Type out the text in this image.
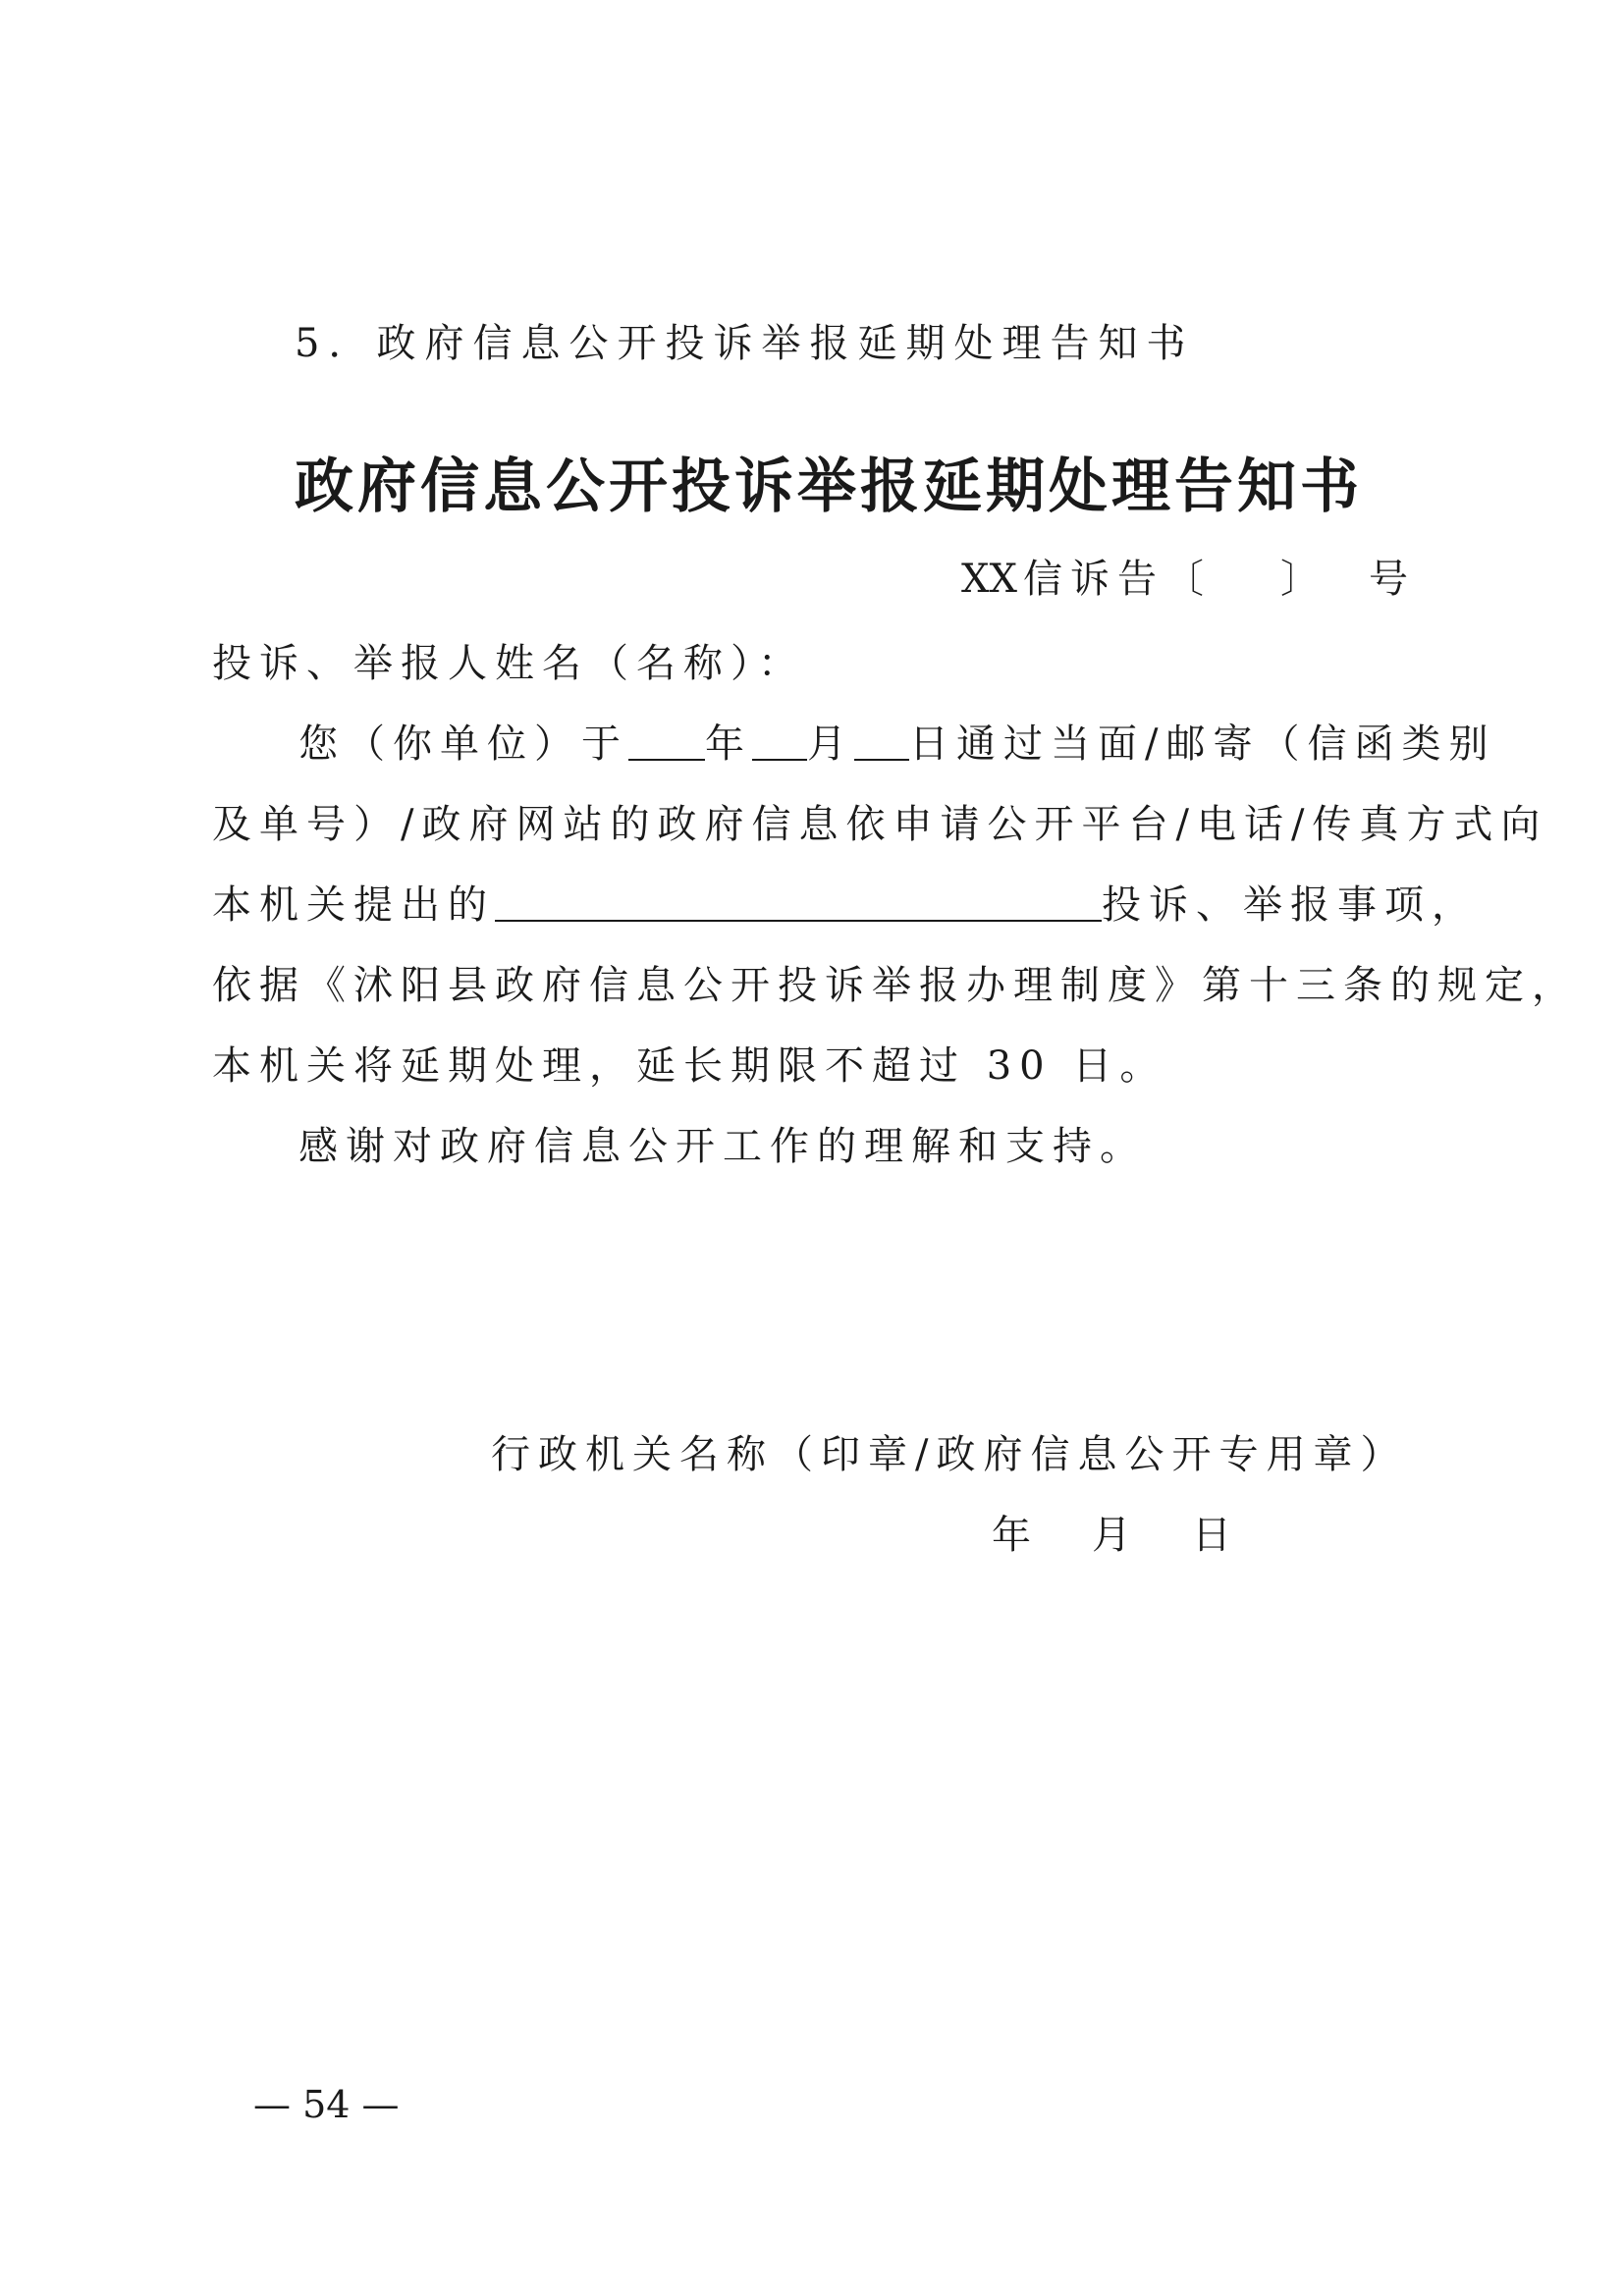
5．政府信息公开投诉举报延期处理告知书
政府信息公开投诉举报延期处理告知书
XX 信诉告〔 〕 号
投诉、举报人姓名（名称）：
您（你单位）于 年 月 日通过当面/邮寄（信函类别
及单号）/政府网站的政府信息依申请公开平台/电话/传真方式向
本机关提出的	投诉、举报事项，
依据《沭阳县政府信息公开投诉举报办理制度》第十三条的规定，
本机关将延期处理，延长期限不超过 30 日。
感谢对政府信息公开工作的理解和支持。
行政机关名称（印章/政府信息公开专用章）
年 月 日
— 54 —
